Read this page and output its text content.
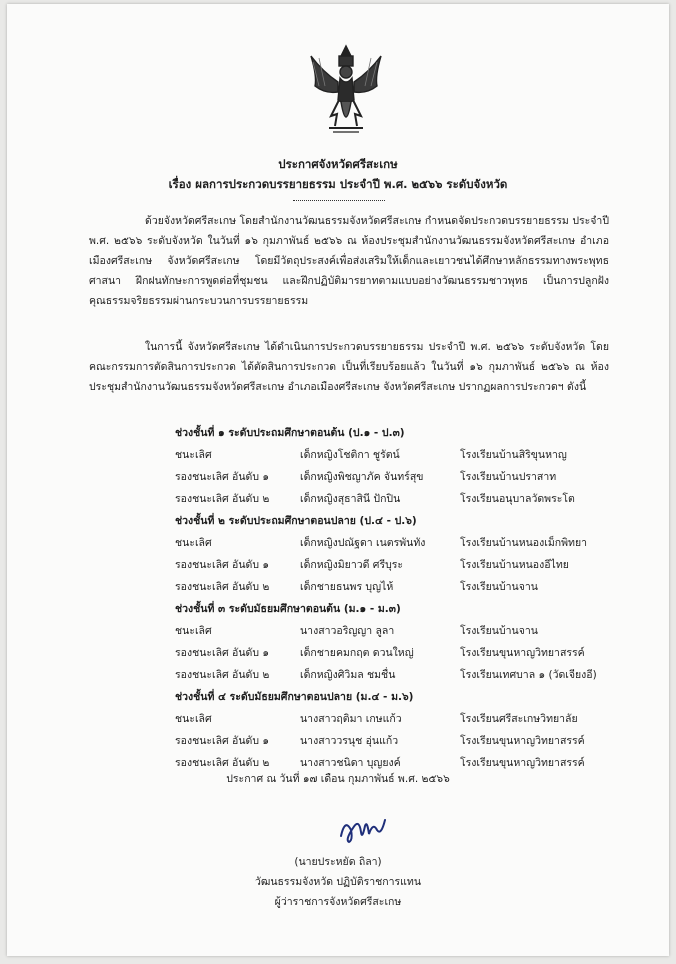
ประกาศจังหวัดศรีสะเกษ
เรื่อง ผลการประกวดบรรยายธรรม ประจำปี พ.ศ. ๒๕๖๖ ระดับจังหวัด

ด้วยจังหวัดศรีสะเกษ โดยสำนักงานวัฒนธรรมจังหวัดศรีสะเกษ กำหนดจัดประกวดบรรยายธรรม ประจำปี พ.ศ. ๒๕๖๖ ระดับจังหวัด ในวันที่ ๑๖ กุมภาพันธ์ ๒๕๖๖ ณ ห้องประชุมสำนักงานวัฒนธรรมจังหวัดศรีสะเกษ อำเภอเมืองศรีสะเกษ จังหวัดศรีสะเกษ โดยมีวัตถุประสงค์เพื่อส่งเสริมให้เด็กและเยาวชนได้ศึกษาหลักธรรมทางพระพุทธศาสนา ฝึกฝนทักษะการพูดต่อที่ชุมชน และฝึกปฏิบัติมารยาทตามแบบอย่างวัฒนธรรมชาวพุทธ เป็นการปลูกฝังคุณธรรมจริยธรรมผ่านกระบวนการบรรยายธรรม

ในการนี้ จังหวัดศรีสะเกษ ได้ดำเนินการประกวดบรรยายธรรม ประจำปี พ.ศ. ๒๕๖๖ ระดับจังหวัด โดยคณะกรรมการตัดสินการประกวด ได้ตัดสินการประกวด เป็นที่เรียบร้อยแล้ว ในวันที่ ๑๖ กุมภาพันธ์ ๒๕๖๖ ณ ห้องประชุมสำนักงานวัฒนธรรมจังหวัดศรีสะเกษ อำเภอเมืองศรีสะเกษ จังหวัดศรีสะเกษ ปรากฏผลการประกวดฯ ดังนี้

ช่วงชั้นที่ ๑ ระดับประถมศึกษาตอนต้น (ป.๑ - ป.๓)
ชนะเลิศ	เด็กหญิงโชติกา ชูรัตน์	โรงเรียนบ้านสิริขุนหาญ
รองชนะเลิศ อันดับ ๑	เด็กหญิงพิชญาภัค จันทร์สุข	โรงเรียนบ้านปราสาท
รองชนะเลิศ อันดับ ๒	เด็กหญิงสุธาสินี ปักปิน	โรงเรียนอนุบาลวัดพระโต
ช่วงชั้นที่ ๒ ระดับประถมศึกษาตอนปลาย (ป.๔ - ป.๖)
ชนะเลิศ	เด็กหญิงปณัฐดา เนตรพันทัง	โรงเรียนบ้านหนองเม็กพิทยา
รองชนะเลิศ อันดับ ๑	เด็กหญิงมิยาวดี ศรีบุระ	โรงเรียนบ้านหนองอีไทย
รองชนะเลิศ อันดับ ๒	เด็กชายธนพร บุญไห้	โรงเรียนบ้านจาน
ช่วงชั้นที่ ๓ ระดับมัธยมศึกษาตอนต้น (ม.๑ - ม.๓)
ชนะเลิศ	นางสาวอริญญา ลูลา	โรงเรียนบ้านจาน
รองชนะเลิศ อันดับ ๑	เด็กชายคมกฤต ดวนใหญ่	โรงเรียนขุนหาญวิทยาสรรค์
รองชนะเลิศ อันดับ ๒	เด็กหญิงศิวิมล ชมชื่น	โรงเรียนเทศบาล ๑ (วัดเจียงอี)
ช่วงชั้นที่ ๔ ระดับมัธยมศึกษาตอนปลาย (ม.๔ - ม.๖)
ชนะเลิศ	นางสาวฤติมา เกษแก้ว	โรงเรียนศรีสะเกษวิทยาลัย
รองชนะเลิศ อันดับ ๑	นางสาววรนุช อุ่นแก้ว	โรงเรียนขุนหาญวิทยาสรรค์
รองชนะเลิศ อันดับ ๒	นางสาวชนิดา บุญยงค์	โรงเรียนขุนหาญวิทยาสรรค์
ประกาศ ณ วันที่ ๑๗ เดือน กุมภาพันธ์ พ.ศ. ๒๕๖๖
(นายประหยัด ถิลา)
วัฒนธรรมจังหวัด ปฏิบัติราชการแทน
ผู้ว่าราชการจังหวัดศรีสะเกษ
